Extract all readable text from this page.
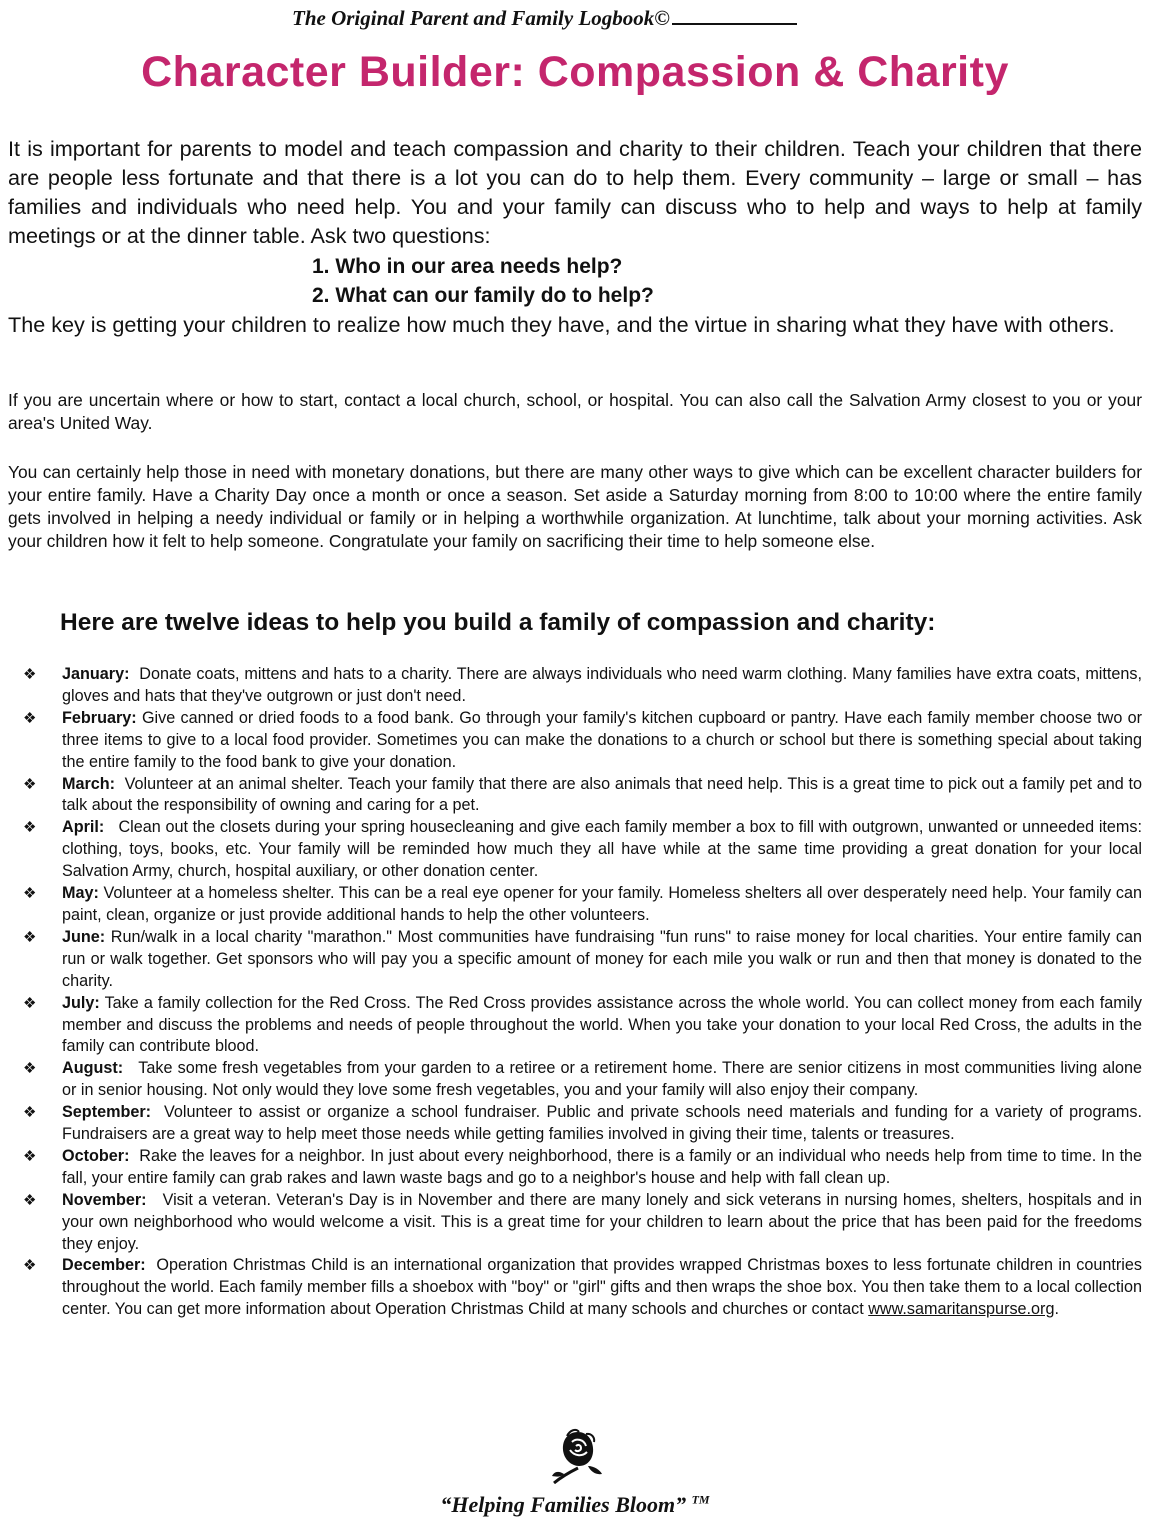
The Original Parent and Family Logbook©
Character Builder: Compassion & Charity
It is important for parents to model and teach compassion and charity to their children. Teach your children that there are people less fortunate and that there is a lot you can do to help them. Every community – large or small – has families and individuals who need help. You and your family can discuss who to help and ways to help at family meetings or at the dinner table. Ask two questions:
1. Who in our area needs help?
2. What can our family do to help?
The key is getting your children to realize how much they have, and the virtue in sharing what they have with others.
If you are uncertain where or how to start, contact a local church, school, or hospital. You can also call the Salvation Army closest to you or your area's United Way.
You can certainly help those in need with monetary donations, but there are many other ways to give which can be excellent character builders for your entire family. Have a Charity Day once a month or once a season. Set aside a Saturday morning from 8:00 to 10:00 where the entire family gets involved in helping a needy individual or family or in helping a worthwhile organization. At lunchtime, talk about your morning activities. Ask your children how it felt to help someone. Congratulate your family on sacrificing their time to help someone else.
Here are twelve ideas to help you build a family of compassion and charity:
❖ January: Donate coats, mittens and hats to a charity. There are always individuals who need warm clothing. Many families have extra coats, mittens, gloves and hats that they've outgrown or just don't need.
❖ February: Give canned or dried foods to a food bank. Go through your family's kitchen cupboard or pantry. Have each family member choose two or three items to give to a local food provider. Sometimes you can make the donations to a church or school but there is something special about taking the entire family to the food bank to give your donation.
❖ March: Volunteer at an animal shelter. Teach your family that there are also animals that need help. This is a great time to pick out a family pet and to talk about the responsibility of owning and caring for a pet.
❖ April: Clean out the closets during your spring housecleaning and give each family member a box to fill with outgrown, unwanted or unneeded items: clothing, toys, books, etc. Your family will be reminded how much they all have while at the same time providing a great donation for your local Salvation Army, church, hospital auxiliary, or other donation center.
❖ May: Volunteer at a homeless shelter. This can be a real eye opener for your family. Homeless shelters all over desperately need help. Your family can paint, clean, organize or just provide additional hands to help the other volunteers.
❖ June: Run/walk in a local charity "marathon." Most communities have fundraising "fun runs" to raise money for local charities. Your entire family can run or walk together. Get sponsors who will pay you a specific amount of money for each mile you walk or run and then that money is donated to the charity.
❖ July: Take a family collection for the Red Cross. The Red Cross provides assistance across the whole world. You can collect money from each family member and discuss the problems and needs of people throughout the world. When you take your donation to your local Red Cross, the adults in the family can contribute blood.
❖ August: Take some fresh vegetables from your garden to a retiree or a retirement home. There are senior citizens in most communities living alone or in senior housing. Not only would they love some fresh vegetables, you and your family will also enjoy their company.
❖ September: Volunteer to assist or organize a school fundraiser. Public and private schools need materials and funding for a variety of programs. Fundraisers are a great way to help meet those needs while getting families involved in giving their time, talents or treasures.
❖ October: Rake the leaves for a neighbor. In just about every neighborhood, there is a family or an individual who needs help from time to time. In the fall, your entire family can grab rakes and lawn waste bags and go to a neighbor's house and help with fall clean up.
❖ November: Visit a veteran. Veteran's Day is in November and there are many lonely and sick veterans in nursing homes, shelters, hospitals and in your own neighborhood who would welcome a visit. This is a great time for your children to learn about the price that has been paid for the freedoms they enjoy.
❖ December: Operation Christmas Child is an international organization that provides wrapped Christmas boxes to less fortunate children in countries throughout the world. Each family member fills a shoebox with "boy" or "girl" gifts and then wraps the shoe box. You then take them to a local collection center. You can get more information about Operation Christmas Child at many schools and churches or contact www.samaritanspurse.org.
“Helping Families Bloom” ™
